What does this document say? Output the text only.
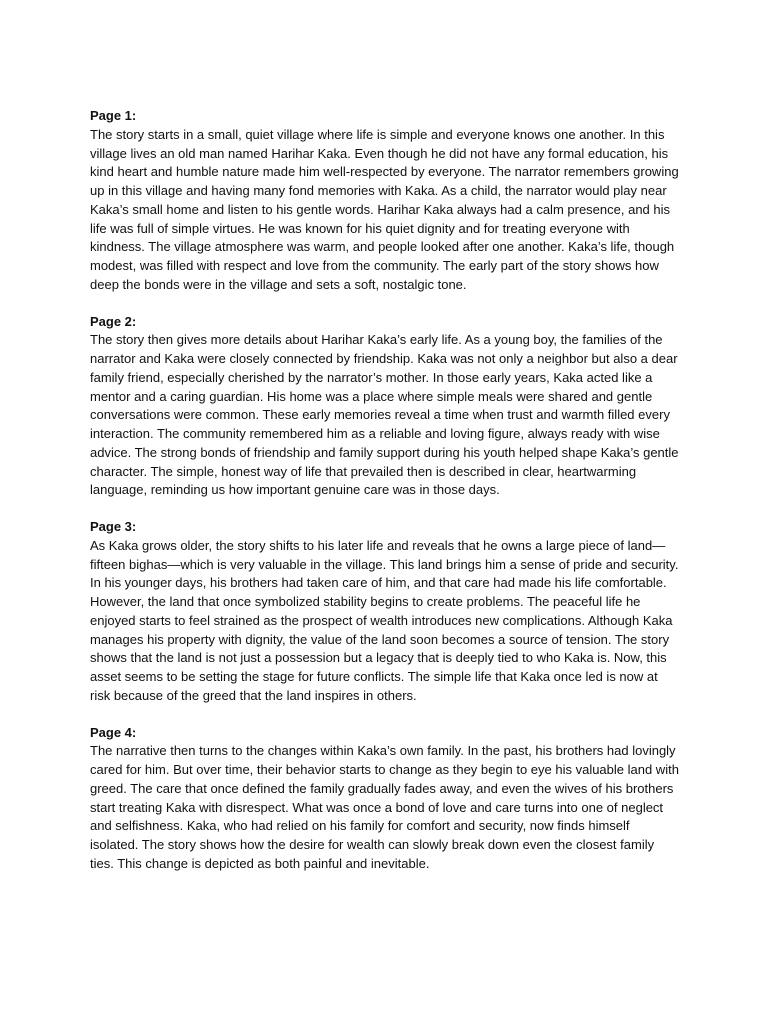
Page 1:
The story starts in a small, quiet village where life is simple and everyone knows one another. In this village lives an old man named Harihar Kaka. Even though he did not have any formal education, his kind heart and humble nature made him well-respected by everyone. The narrator remembers growing up in this village and having many fond memories with Kaka. As a child, the narrator would play near Kaka’s small home and listen to his gentle words. Harihar Kaka always had a calm presence, and his life was full of simple virtues. He was known for his quiet dignity and for treating everyone with kindness. The village atmosphere was warm, and people looked after one another. Kaka’s life, though modest, was filled with respect and love from the community. The early part of the story shows how deep the bonds were in the village and sets a soft, nostalgic tone.
Page 2:
The story then gives more details about Harihar Kaka’s early life. As a young boy, the families of the narrator and Kaka were closely connected by friendship. Kaka was not only a neighbor but also a dear family friend, especially cherished by the narrator’s mother. In those early years, Kaka acted like a mentor and a caring guardian. His home was a place where simple meals were shared and gentle conversations were common. These early memories reveal a time when trust and warmth filled every interaction. The community remembered him as a reliable and loving figure, always ready with wise advice. The strong bonds of friendship and family support during his youth helped shape Kaka’s gentle character. The simple, honest way of life that prevailed then is described in clear, heartwarming language, reminding us how important genuine care was in those days.
Page 3:
As Kaka grows older, the story shifts to his later life and reveals that he owns a large piece of land—fifteen bighas—which is very valuable in the village. This land brings him a sense of pride and security. In his younger days, his brothers had taken care of him, and that care had made his life comfortable. However, the land that once symbolized stability begins to create problems. The peaceful life he enjoyed starts to feel strained as the prospect of wealth introduces new complications. Although Kaka manages his property with dignity, the value of the land soon becomes a source of tension. The story shows that the land is not just a possession but a legacy that is deeply tied to who Kaka is. Now, this asset seems to be setting the stage for future conflicts. The simple life that Kaka once led is now at risk because of the greed that the land inspires in others.
Page 4:
The narrative then turns to the changes within Kaka’s own family. In the past, his brothers had lovingly cared for him. But over time, their behavior starts to change as they begin to eye his valuable land with greed. The care that once defined the family gradually fades away, and even the wives of his brothers start treating Kaka with disrespect. What was once a bond of love and care turns into one of neglect and selfishness. Kaka, who had relied on his family for comfort and security, now finds himself isolated. The story shows how the desire for wealth can slowly break down even the closest family ties. This change is depicted as both painful and inevitable.
